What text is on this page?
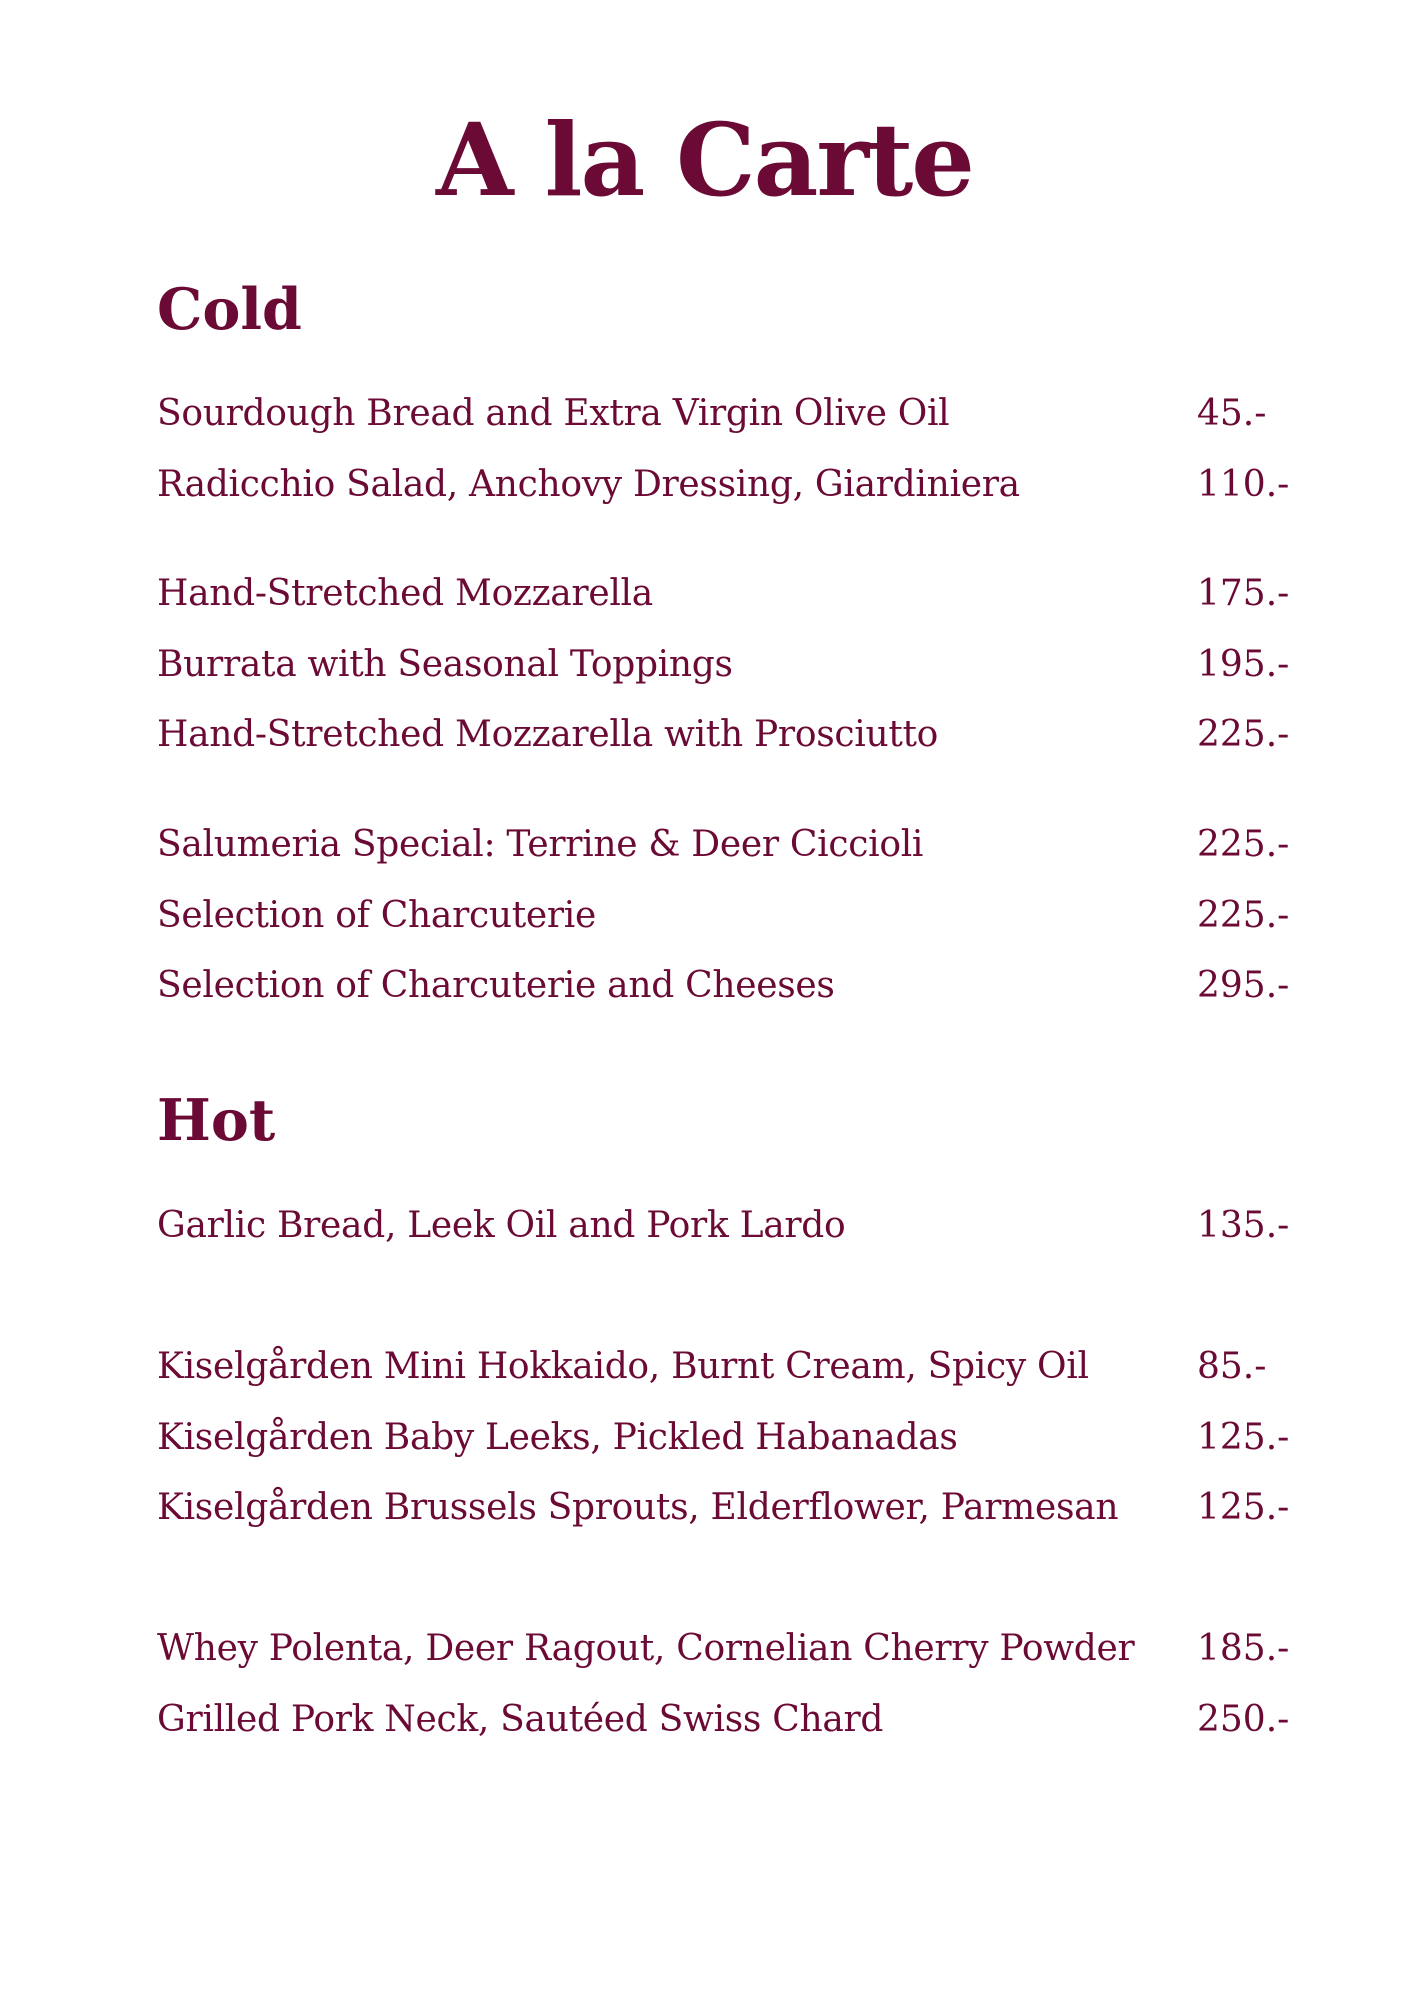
A la Carte
Cold
Sourdough Bread and Extra Virgin Olive Oil	45.-
Radicchio Salad, Anchovy Dressing, Giardiniera	110.-
Hand-Stretched Mozzarella	175.-
Burrata with Seasonal Toppings	195.-
Hand-Stretched Mozzarella with Prosciutto	225.-
Salumeria Special: Terrine & Deer Ciccioli	225.-
Selection of Charcuterie	225.-
Selection of Charcuterie and Cheeses	295.-
Hot
Garlic Bread, Leek Oil and Pork Lardo	135.-
Kiselgården Mini Hokkaido, Burnt Cream, Spicy Oil	85.-
Kiselgården Baby Leeks, Pickled Habanadas	125.-
Kiselgården Brussels Sprouts, Elderflower, Parmesan 125.-
Whey Polenta, Deer Ragout, Cornelian Cherry Powder 185.-
Grilled Pork Neck, Sautéed Swiss Chard	250.-
